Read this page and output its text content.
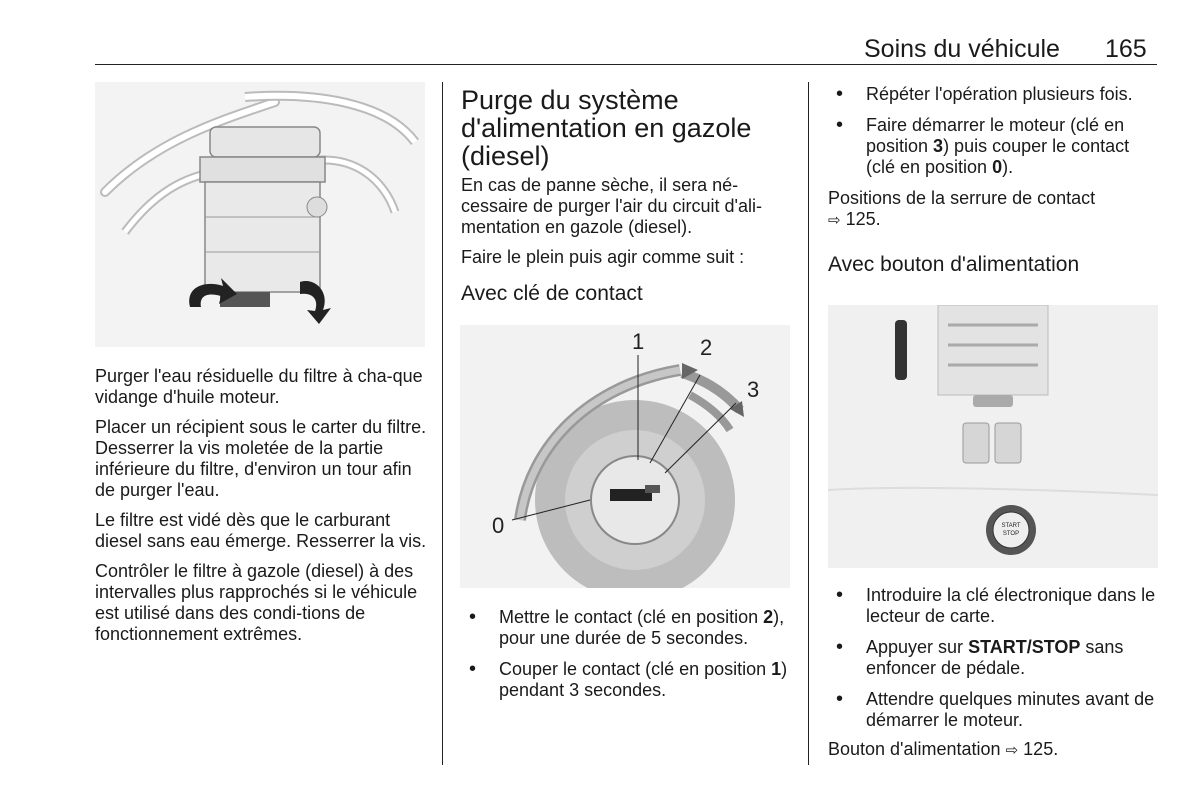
Soins du véhicule 165

Purger l'eau résiduelle du filtre à cha-que vidange d'huile moteur.

Placer un récipient sous le carter du filtre. Desserrer la vis moletée de la partie inférieure du filtre, d'environ un tour afin de purger l'eau.

Le filtre est vidé dès que le carburant diesel sans eau émerge. Resserrer la vis.

Contrôler le filtre à gazole (diesel) à des intervalles plus rapprochés si le véhicule est utilisé dans des condi-tions de fonctionnement extrêmes.

Purge du système d'alimentation en gazole (diesel)

En cas de panne sèche, il sera né-cessaire de purger l'air du circuit d'ali-mentation en gazole (diesel).

Faire le plein puis agir comme suit :

Avec clé de contact
1	2
3
0
• Mettre le contact (clé en position 2), pour une durée de 5 secondes.
• Couper le contact (clé en position 1) pendant 3 secondes.
• Répéter l'opération plusieurs fois.
• Faire démarrer le moteur (clé en position 3) puis couper le contact (clé en position 0).

Positions de la serrure de contact
⇨ 125.

Avec bouton d'alimentation
START
STOP
• Introduire la clé électronique dans le lecteur de carte.
• Appuyer sur START/STOP sans enfoncer de pédale.
• Attendre quelques minutes avant de démarrer le moteur.

Bouton d'alimentation ⇨ 125.
